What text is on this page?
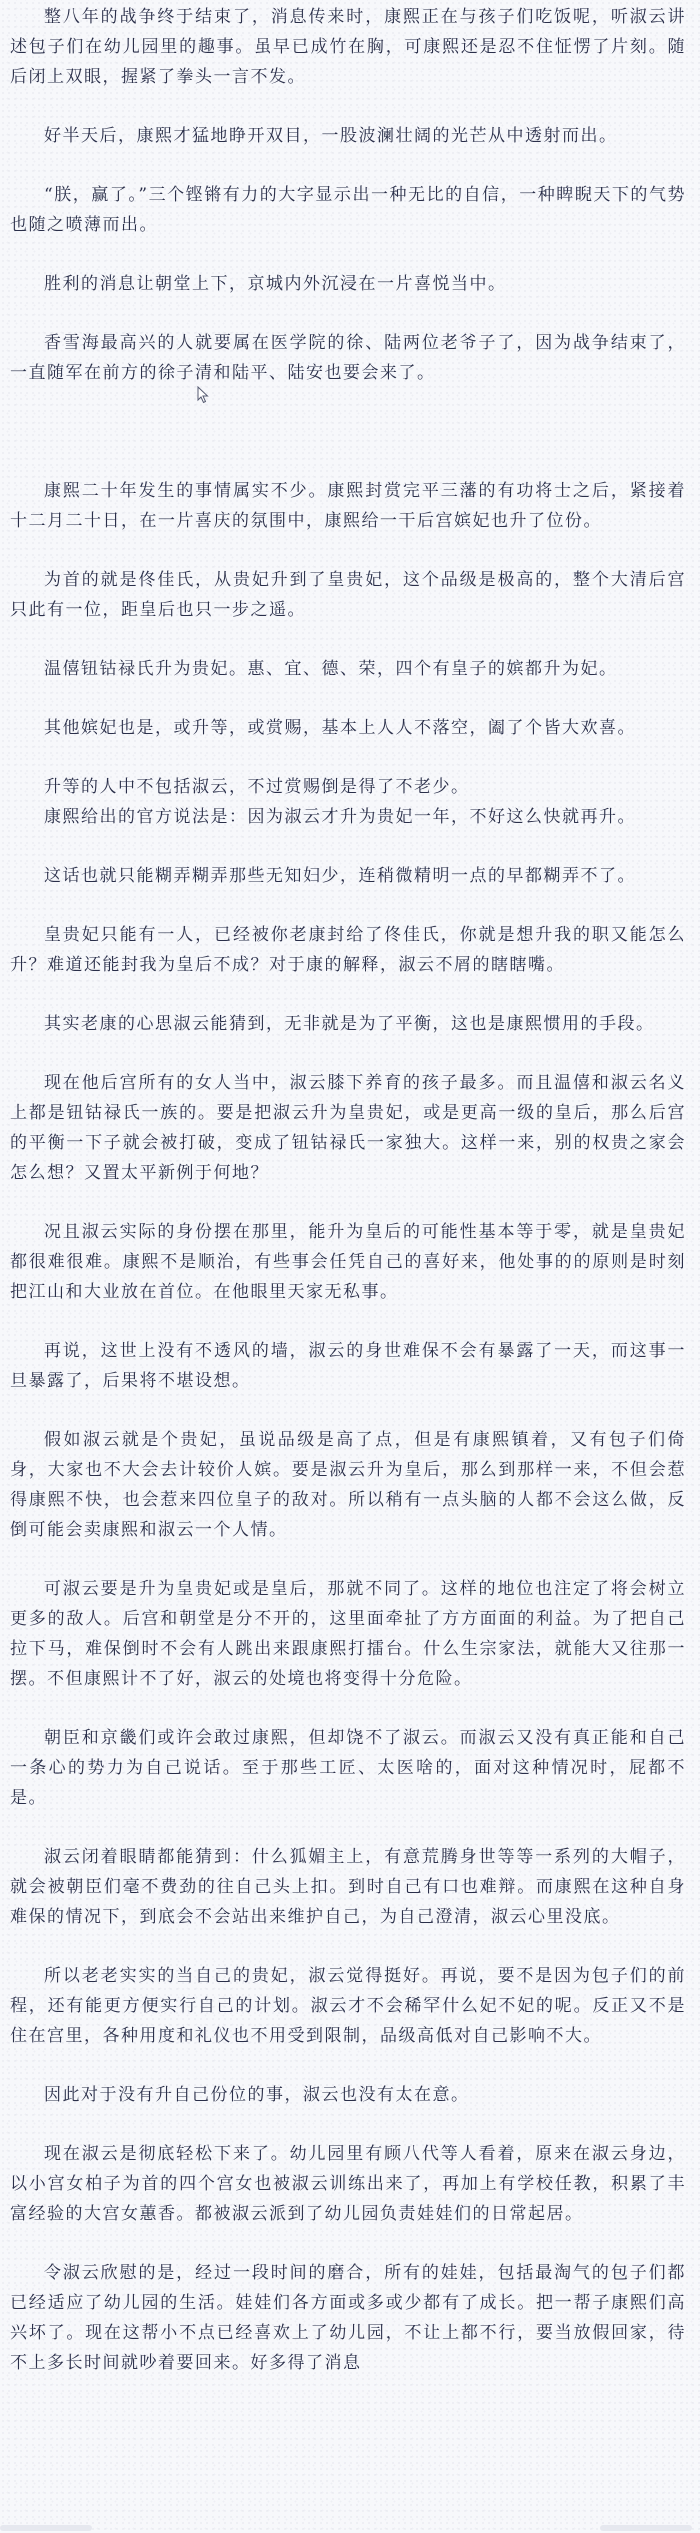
整八年的战争终于结束了，消息传来时，康熙正在与孩子们吃饭呢，听淑云讲述包子们在幼儿园里的趣事。虽早已成竹在胸，可康熙还是忍不住怔愣了片刻。随后闭上双眼，握紧了拳头一言不发。

好半天后，康熙才猛地睁开双目，一股波澜壮阔的光芒从中透射而出。

“朕，赢了。”三个铿锵有力的大字显示出一种无比的自信，一种睥睨天下的气势也随之喷薄而出。

胜利的消息让朝堂上下，京城内外沉浸在一片喜悦当中。

香雪海最高兴的人就要属在医学院的徐、陆两位老爷子了，因为战争结束了，一直随军在前方的徐子清和陆平、陆安也要会来了。

康熙二十年发生的事情属实不少。康熙封赏完平三藩的有功将士之后，紧接着十二月二十日，在一片喜庆的氛围中，康熙给一干后宫嫔妃也升了位份。

为首的就是佟佳氏，从贵妃升到了皇贵妃，这个品级是极高的，整个大清后宫只此有一位，距皇后也只一步之遥。

温僖钮钴禄氏升为贵妃。惠、宜、德、荣，四个有皇子的嫔都升为妃。

其他嫔妃也是，或升等，或赏赐，基本上人人不落空，阖了个皆大欢喜。

升等的人中不包括淑云，不过赏赐倒是得了不老少。

康熙给出的官方说法是：因为淑云才升为贵妃一年，不好这么快就再升。

这话也就只能糊弄糊弄那些无知妇少，连稍微精明一点的早都糊弄不了。

皇贵妃只能有一人，已经被你老康封给了佟佳氏，你就是想升我的职又能怎么升？难道还能封我为皇后不成？对于康的解释，淑云不屑的瞎瞎嘴。

其实老康的心思淑云能猜到，无非就是为了平衡，这也是康熙惯用的手段。

现在他后宫所有的女人当中，淑云膝下养育的孩子最多。而且温僖和淑云名义上都是钮钴禄氏一族的。要是把淑云升为皇贵妃，或是更高一级的皇后，那么后宫的平衡一下子就会被打破，变成了钮钴禄氏一家独大。这样一来，别的权贵之家会怎么想？又置太平新例于何地？

况且淑云实际的身份摆在那里，能升为皇后的可能性基本等于零，就是皇贵妃都很难很难。康熙不是顺治，有些事会任凭自己的喜好来，他处事的的原则是时刻把江山和大业放在首位。在他眼里天家无私事。

再说，这世上没有不透风的墙，淑云的身世难保不会有暴露了一天，而这事一旦暴露了，后果将不堪设想。

假如淑云就是个贵妃，虽说品级是高了点，但是有康熙镇着，又有包子们倚身，大家也不大会去计较价人嫔。要是淑云升为皇后，那么到那样一来，不但会惹得康熙不快，也会惹来四位皇子的敌对。所以稍有一点头脑的人都不会这么做，反倒可能会卖康熙和淑云一个人情。

可淑云要是升为皇贵妃或是皇后，那就不同了。这样的地位也注定了将会树立更多的敌人。后宫和朝堂是分不开的，这里面牵扯了方方面面的利益。为了把自己拉下马，难保倒时不会有人跳出来跟康熙打擂台。什么生宗家法，就能大又往那一摆。不但康熙计不了好，淑云的处境也将变得十分危险。

朝臣和京畿们或许会敢过康熙，但却饶不了淑云。而淑云又没有真正能和自己一条心的势力为自己说话。至于那些工匠、太医啥的，面对这种情况时，屁都不是。

淑云闭着眼睛都能猜到：什么狐媚主上，有意荒腾身世等等一系列的大帽子，就会被朝臣们毫不费劲的往自己头上扣。到时自己有口也难辩。而康熙在这种自身难保的情况下，到底会不会站出来维护自己，为自己澄清，淑云心里没底。

所以老老实实的当自己的贵妃，淑云觉得挺好。再说，要不是因为包子们的前程，还有能更方便实行自己的计划。淑云才不会稀罕什么妃不妃的呢。反正又不是住在宫里，各种用度和礼仪也不用受到限制，品级高低对自己影响不大。

因此对于没有升自己份位的事，淑云也没有太在意。

现在淑云是彻底轻松下来了。幼儿园里有顾八代等人看着，原来在淑云身边，以小宫女柏子为首的四个宫女也被淑云训练出来了，再加上有学校任教，积累了丰富经验的大宫女蕙香。都被淑云派到了幼儿园负责娃娃们的日常起居。

令淑云欣慰的是，经过一段时间的磨合，所有的娃娃，包括最淘气的包子们都已经适应了幼儿园的生活。娃娃们各方面或多或少都有了成长。把一帮子康熙们高兴坏了。现在这帮小不点已经喜欢上了幼儿园，不让上都不行，要当放假回家，待不上多长时间就吵着要回来。好多得了消息
